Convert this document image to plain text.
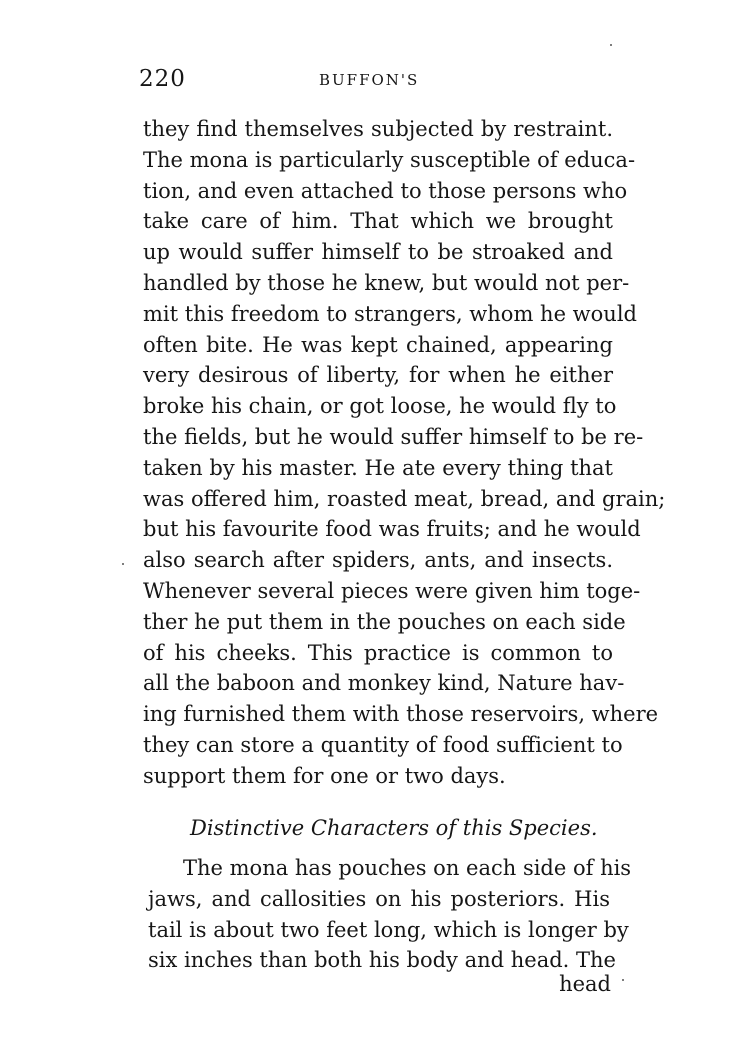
220	BUFFON'S
they find themselves subjected by restraint.
The mona is particularly susceptible of educa-
tion, and even attached to those persons who
take care of him. That which we brought
up would suffer himself to be stroaked and
handled by those he knew, but would not per-
mit this freedom to strangers, whom he would
often bite. He was kept chained, appearing
very desirous of liberty, for when he either
broke his chain, or got loose, he would fly to
the fields, but he would suffer himself to be re-
taken by his master. He ate every thing that
was offered him, roasted meat, bread, and grain;
but his favourite food was fruits; and he would
also search after spiders, ants, and insects.
Whenever several pieces were given him toge-
ther he put them in the pouches on each side
of his cheeks. This practice is common to
all the baboon and monkey kind, Nature hav-
ing furnished them with those reservoirs, where
they can store a quantity of food sufficient to
support them for one or two days.
Distinctive Characters of this Species.
The mona has pouches on each side of his
jaws, and callosities on his posteriors. His
tail is about two feet long, which is longer by
six inches than both his body and head. The
head
